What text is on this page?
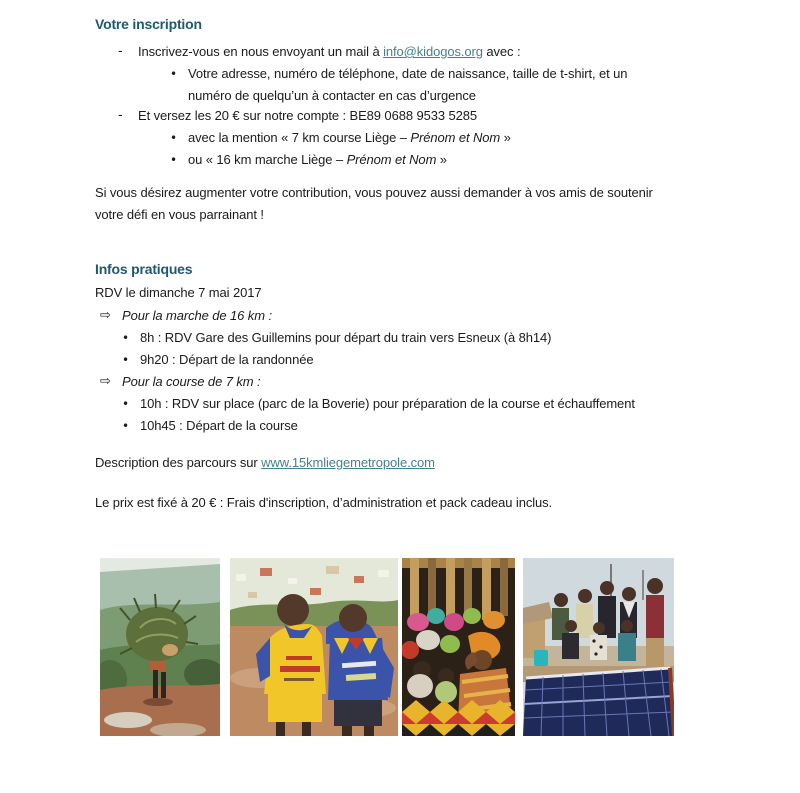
Votre inscription
- Inscrivez-vous en nous envoyant un mail à info@kidogos.org avec :
• Votre adresse, numéro de téléphone, date de naissance, taille de t-shirt, et un
numéro de quelqu’un à contacter en cas d’urgence
- Et versez les 20 € sur notre compte : BE89 0688 9533 5285
• avec la mention « 7 km course Liège – Prénom et Nom »
• ou « 16 km marche Liège – Prénom et Nom »
Si vous désirez augmenter votre contribution, vous pouvez aussi demander à vos amis de soutenir
votre défi en vous parrainant !
Infos pratiques
RDV le dimanche 7 mai 2017
⇨ Pour la marche de 16 km :
• 8h : RDV Gare des Guillemins pour départ du train vers Esneux (à 8h14)
• 9h20 : Départ de la randonnée
⇨ Pour la course de 7 km :
• 10h : RDV sur place (parc de la Boverie) pour préparation de la course et échauffement
• 10h45 : Départ de la course
Description des parcours sur www.15kmliegemetropole.com
Le prix est fixé à 20 € : Frais d'inscription, d’administration et pack cadeau inclus.
